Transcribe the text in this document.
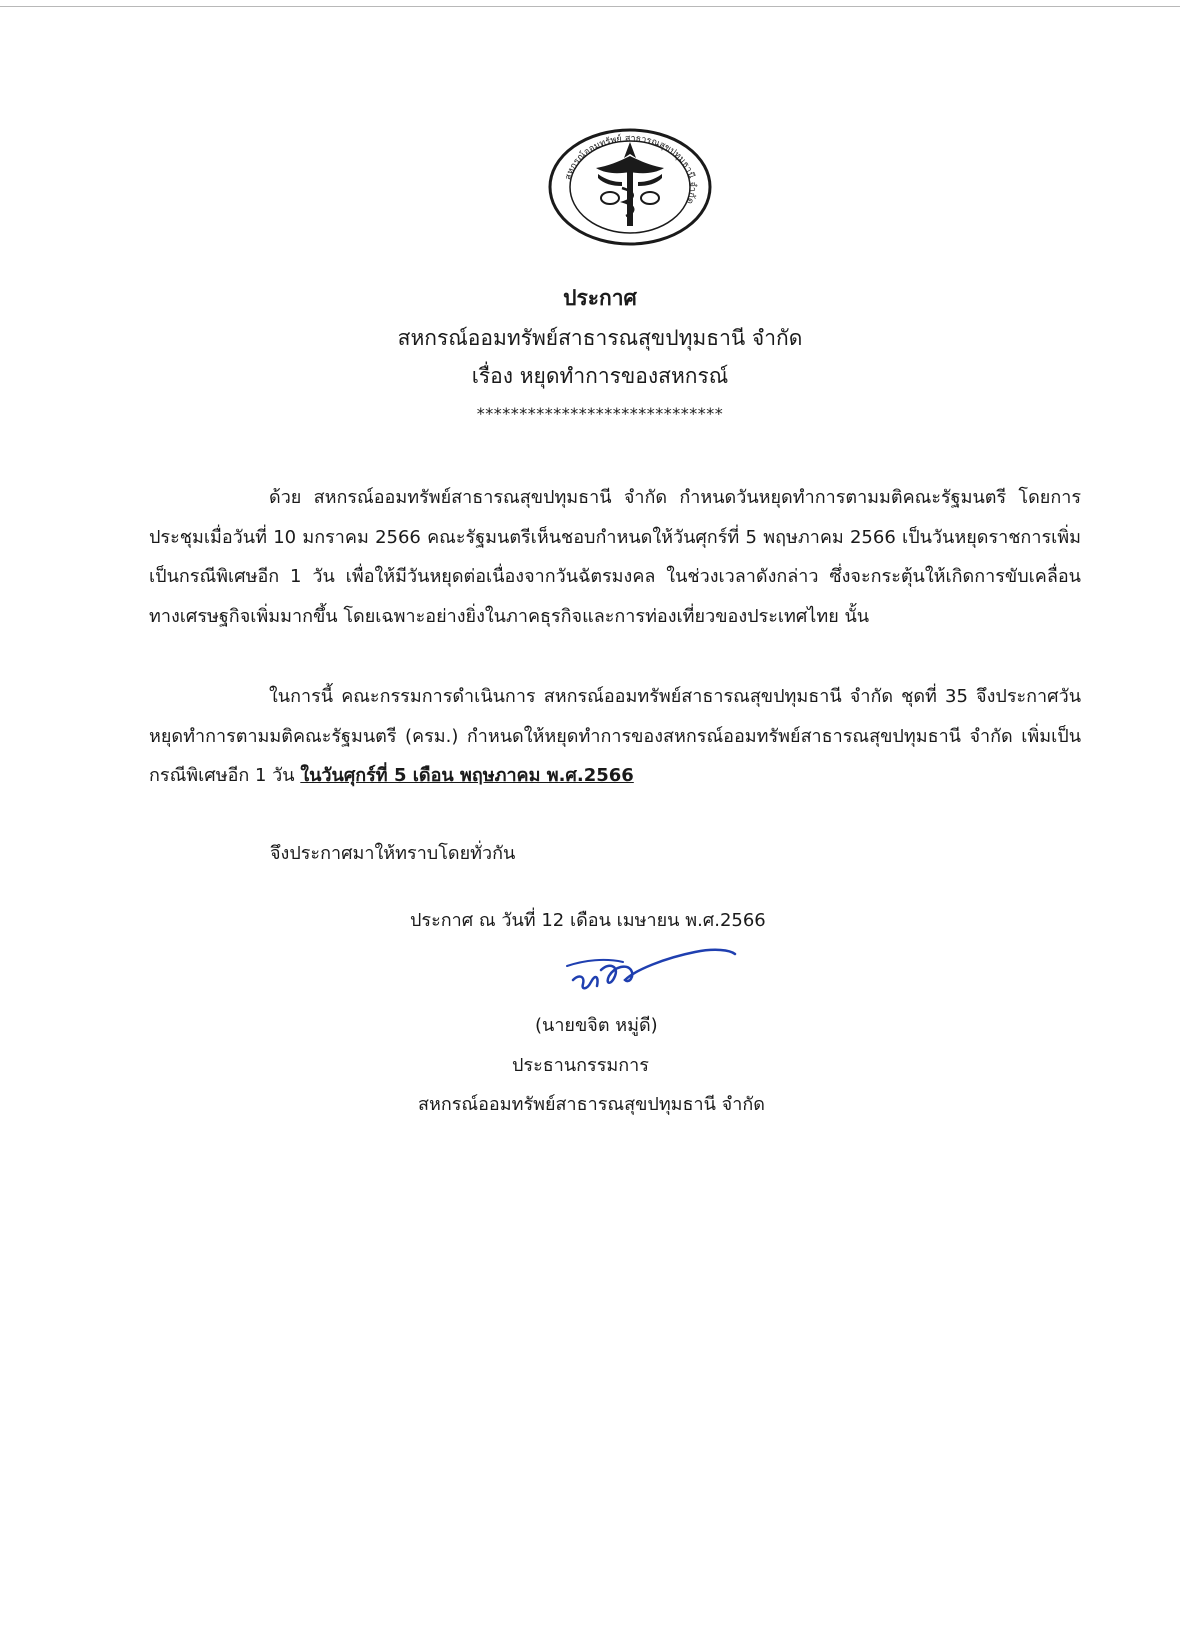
สหกรณ์ออมทรัพย์ สาธารณสุขปทุมธานี จำกัด
ประกาศ
สหกรณ์ออมทรัพย์สาธารณสุขปทุมธานี จำกัด
เรื่อง หยุดทำการของสหกรณ์
*****************************

ด้วย สหกรณ์ออมทรัพย์สาธารณสุขปทุมธานี จำกัด กำหนดวันหยุดทำการตามมติคณะรัฐมนตรี โดยการประชุมเมื่อวันที่ 10 มกราคม 2566 คณะรัฐมนตรีเห็นชอบกำหนดให้วันศุกร์ที่ 5 พฤษภาคม 2566 เป็นวันหยุดราชการเพิ่มเป็นกรณีพิเศษอีก 1 วัน เพื่อให้มีวันหยุดต่อเนื่องจากวันฉัตรมงคล ในช่วงเวลาดังกล่าว ซึ่งจะกระตุ้นให้เกิดการขับเคลื่อนทางเศรษฐกิจเพิ่มมากขึ้น โดยเฉพาะอย่างยิ่งในภาคธุรกิจและการท่องเที่ยวของประเทศไทย นั้น

ในการนี้ คณะกรรมการดำเนินการ สหกรณ์ออมทรัพย์สาธารณสุขปทุมธานี จำกัด ชุดที่ 35 จึงประกาศวันหยุดทำการตามมติคณะรัฐมนตรี (ครม.) กำหนดให้หยุดทำการของสหกรณ์ออมทรัพย์สาธารณสุขปทุมธานี จำกัด เพิ่มเป็นกรณีพิเศษอีก 1 วัน ในวันศุกร์ที่ 5 เดือน พฤษภาคม พ.ศ.2566

จึงประกาศมาให้ทราบโดยทั่วกัน
ประกาศ ณ วันที่ 12 เดือน เมษายน พ.ศ.2566
(นายขจิต หมู่ดี)
ประธานกรรมการ
สหกรณ์ออมทรัพย์สาธารณสุขปทุมธานี จำกัด
